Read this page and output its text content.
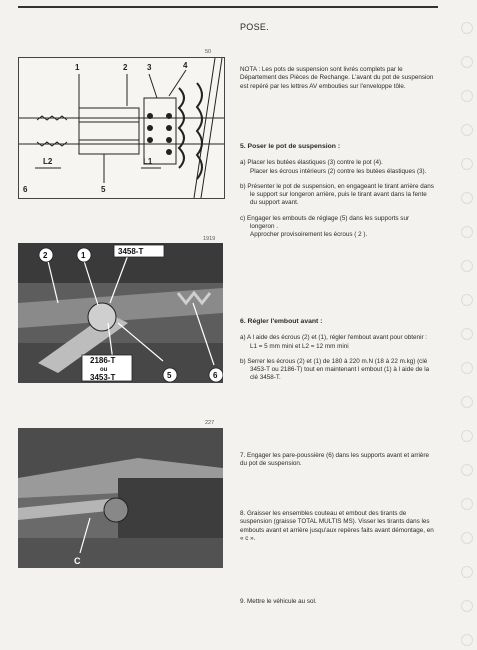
POSE.
50
1	2 3	4
L2	L1
6	5
1919
2	1	3458-T
2186-T
ou
3453-T	5	6
227
C
NOTA : Les pots de suspension sont livrés complets par le Département des Pièces de Rechange. L'avant du pot de suspension est repéré par les lettres AV embouties sur l'enveloppe tôle.
5. Poser le pot de suspension :
a) Placer les butées élastiques (3) contre le pot (4).
Placer les écrous intérieurs (2) contre les butées élastiques (3).
b) Présenter le pot de suspension, en engageant le tirant arrière dans le support sur longeron arrière, puis le tirant avant dans la fente du support avant.
c) Engager les embouts de réglage (5) dans les supports sur longeron .
Approcher provisoirement les écrous ( 2 ).
6. Régler l'embout avant :
a) A l aide des écrous (2) et (1), régler l'embout avant pour obtenir :
L1 = 5 mm mini et L2 = 12 mm mini
b) Serrer les écrous (2) et (1) de 180 à 220 m.N (18 à 22 m.kg) (clé 3453-T ou 2186-T) tout en maintenant l embout (1) à l aide de la clé 3458-T.
7. Engager les pare-poussière (6) dans les supports avant et arrière du pot de suspension.
8. Graisser les ensembles couteau et embout des tirants de suspension (graisse TOTAL MULTIS MS). Visser les tirants dans les embouts avant et arrière jusqu'aux repères faits avant démontage, en « c ».
9. Mettre le véhicule au sol.
